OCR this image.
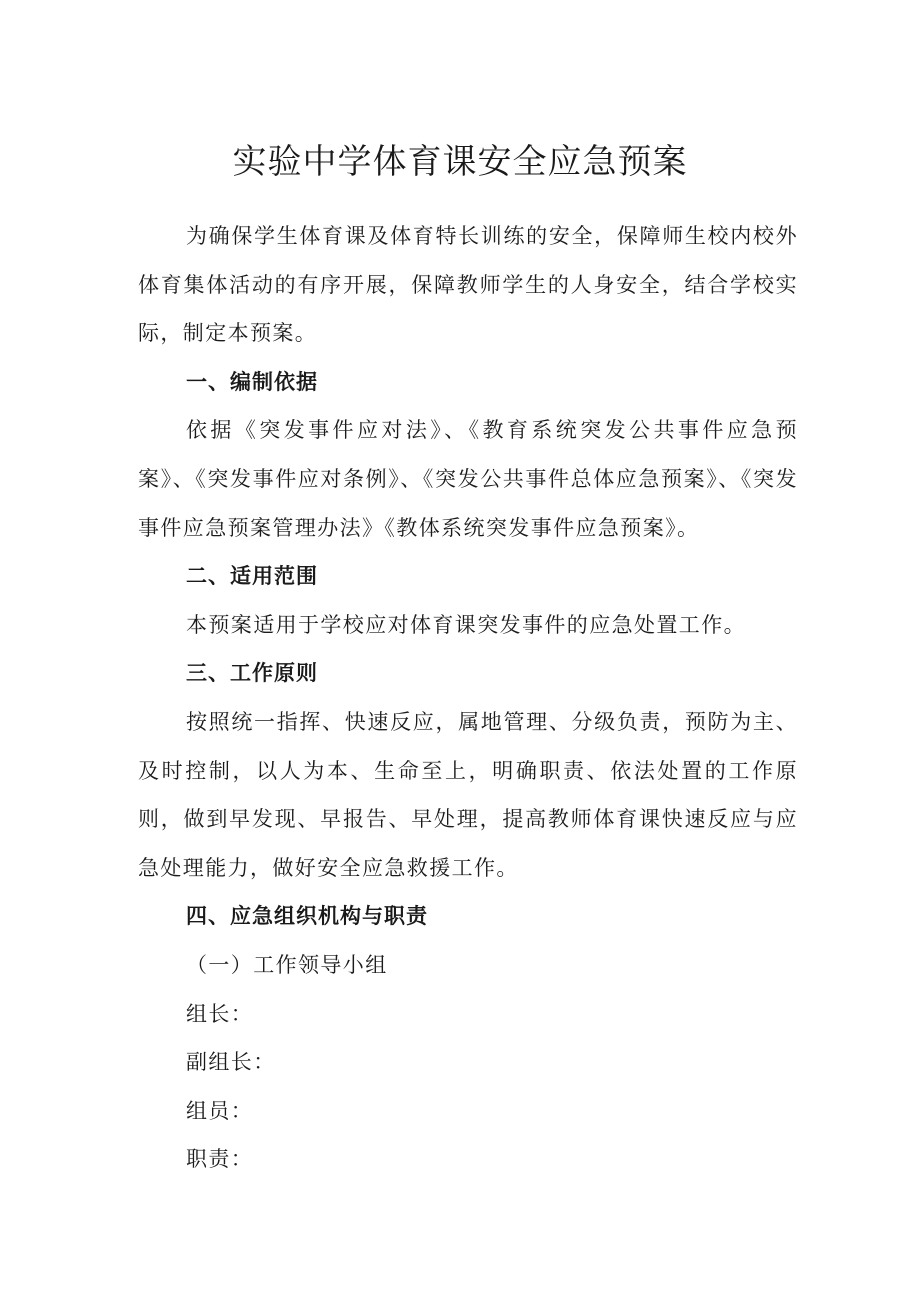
实验中学体育课安全应急预案

为确保学生体育课及体育特长训练的安全，保障师生校内校外体育集体活动的有序开展，保障教师学生的人身安全，结合学校实际，制定本预案。

一、编制依据

依据《突发事件应对法》、《教育系统突发公共事件应急预案》、《突发事件应对条例》、《突发公共事件总体应急预案》、《突发事件应急预案管理办法》《教体系统突发事件应急预案》。

二、适用范围

本预案适用于学校应对体育课突发事件的应急处置工作。

三、工作原则

按照统一指挥、快速反应，属地管理、分级负责，预防为主、及时控制，以人为本、生命至上，明确职责、依法处置的工作原则，做到早发现、早报告、早处理，提高教师体育课快速反应与应急处理能力，做好安全应急救援工作。

四、应急组织机构与职责

（一）工作领导小组

组长：

副组长：

组员：

职责：
